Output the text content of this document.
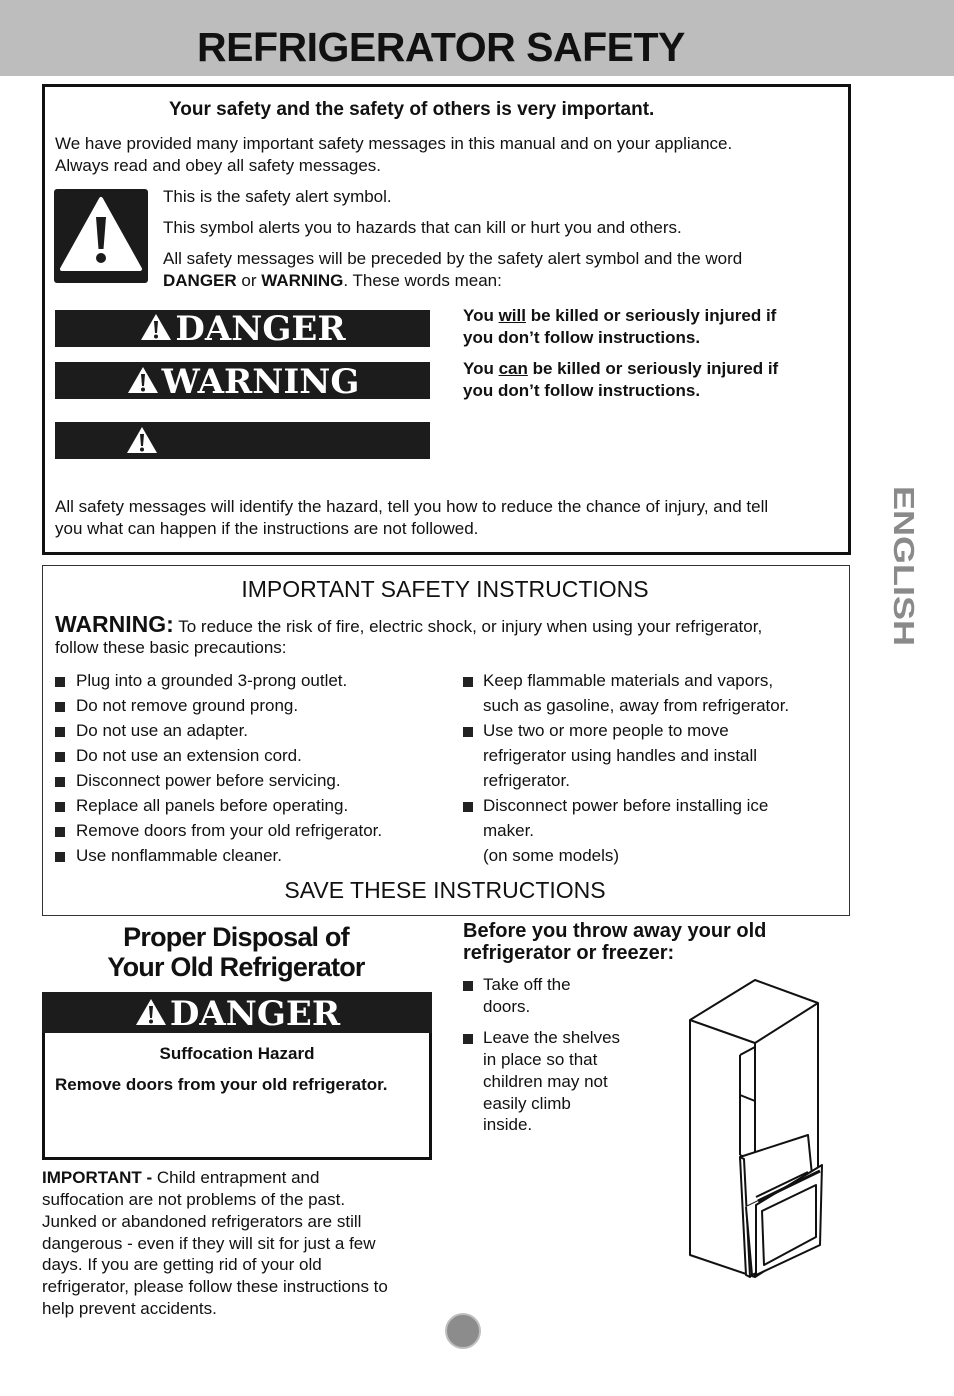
REFRIGERATOR SAFETY
ENGLISH
Your safety and the safety of others is very important.
We have provided many important safety messages in this manual and on your appliance.
Always read and obey all safety messages.
This is the safety alert symbol.
This symbol alerts you to hazards that can kill or hurt you and others.
All safety messages will be preceded by the safety alert symbol and the word
DANGER or WARNING. These words mean:
DANGER
WARNING
You will be killed or seriously injured if
you don’t follow instructions.
You can be killed or seriously injured if
you don’t follow instructions.
All safety messages will identify the hazard, tell you how to reduce the chance of injury, and tell
you what can happen if the instructions are not followed.
IMPORTANT SAFETY INSTRUCTIONS
WARNING: To reduce the risk of fire, electric shock, or injury when using your refrigerator,
follow these basic precautions:
Plug into a grounded 3-prong outlet.
Do not remove ground prong.
Do not use an adapter.
Do not use an extension cord.
Disconnect power before servicing.
Replace all panels before operating.
Remove doors from your old refrigerator.
Use nonflammable cleaner.
Keep flammable materials and vapors,
such as gasoline, away from refrigerator.
Use two or more people to move
refrigerator using handles and install
refrigerator.
Disconnect power before installing ice
maker.
(on some models)
SAVE THESE INSTRUCTIONS
Proper Disposal of
Your Old Refrigerator
DANGER
Suffocation Hazard
Remove doors from your old refrigerator.
IMPORTANT - Child entrapment and
suffocation are not problems of the past.
Junked or abandoned refrigerators are still
dangerous - even if they will sit for just a few
days. If you are getting rid of your old
refrigerator, please follow these instructions to
help prevent accidents.
Before you throw away your old
refrigerator or freezer:
Take off the
doors.
Leave the shelves
in place so that
children may not
easily climb
inside.
